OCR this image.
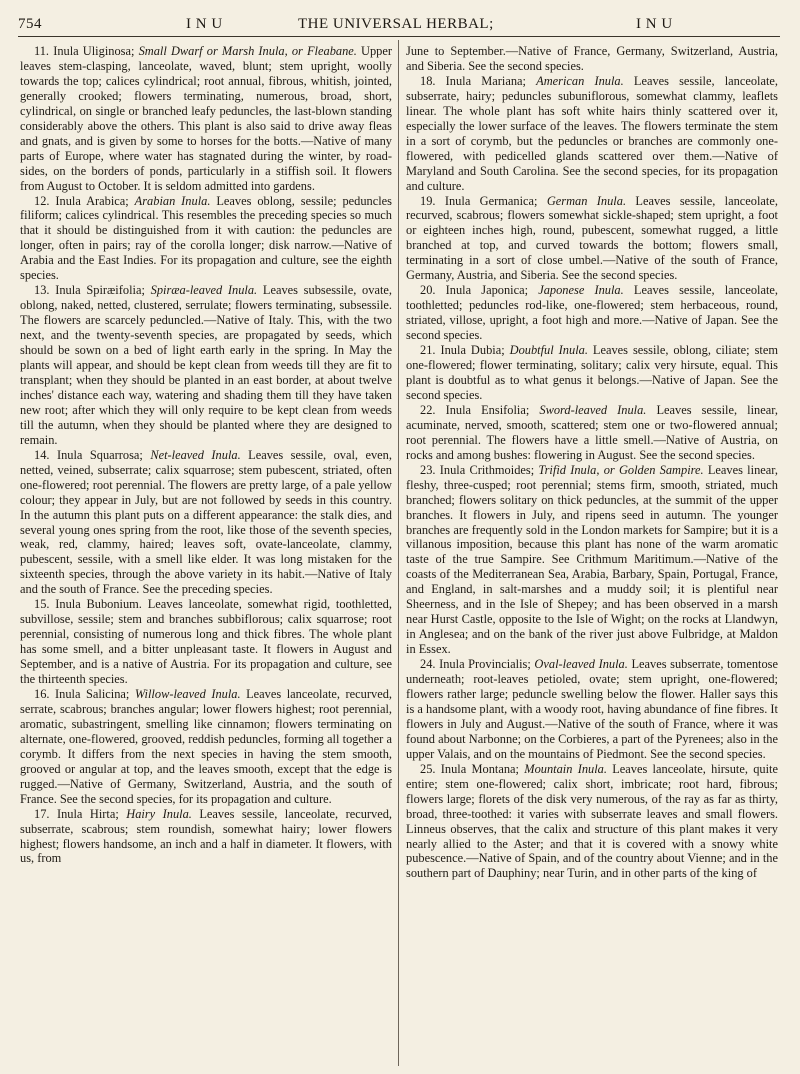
754	I N U	THE UNIVERSAL HERBAL;	I N U

11. Inula Uliginosa; Small Dwarf or Marsh Inula, or Fleabane. Upper leaves stem-clasping, lanceolate, waved, blunt; stem upright, woolly towards the top; calices cylindrical; root annual, fibrous, whitish, jointed, generally crooked; flowers terminating, numerous, broad, short, cylindrical, on single or branched leafy peduncles, the last-blown standing considerably above the others. This plant is also said to drive away fleas and gnats, and is given by some to horses for the botts.—Native of many parts of Europe, where water has stagnated during the winter, by road-sides, on the borders of ponds, particularly in a stiffish soil. It flowers from August to October. It is seldom admitted into gardens.

12. Inula Arabica; Arabian Inula. Leaves oblong, sessile; peduncles filiform; calices cylindrical. This resembles the preceding species so much that it should be distinguished from it with caution: the peduncles are longer, often in pairs; ray of the corolla longer; disk narrow.—Native of Arabia and the East Indies. For its propagation and culture, see the eighth species.

13. Inula Spiræifolia; Spiræa-leaved Inula. Leaves subsessile, ovate, oblong, naked, netted, clustered, serrulate; flowers terminating, subsessile. The flowers are scarcely peduncled.—Native of Italy. This, with the two next, and the twenty-seventh species, are propagated by seeds, which should be sown on a bed of light earth early in the spring. In May the plants will appear, and should be kept clean from weeds till they are fit to transplant; when they should be planted in an east border, at about twelve inches' distance each way, watering and shading them till they have taken new root; after which they will only require to be kept clean from weeds till the autumn, when they should be planted where they are designed to remain.

14. Inula Squarrosa; Net-leaved Inula. Leaves sessile, oval, even, netted, veined, subserrate; calix squarrose; stem pubescent, striated, often one-flowered; root perennial. The flowers are pretty large, of a pale yellow colour; they appear in July, but are not followed by seeds in this country. In the autumn this plant puts on a different appearance: the stalk dies, and several young ones spring from the root, like those of the seventh species, weak, red, clammy, haired; leaves soft, ovate-lanceolate, clammy, pubescent, sessile, with a smell like elder. It was long mistaken for the sixteenth species, through the above variety in its habit.—Native of Italy and the south of France. See the preceding species.

15. Inula Bubonium. Leaves lanceolate, somewhat rigid, toothletted, subvillose, sessile; stem and branches subbiflorous; calix squarrose; root perennial, consisting of numerous long and thick fibres. The whole plant has some smell, and a bitter unpleasant taste. It flowers in August and September, and is a native of Austria. For its propagation and culture, see the thirteenth species.

16. Inula Salicina; Willow-leaved Inula. Leaves lanceolate, recurved, serrate, scabrous; branches angular; lower flowers highest; root perennial, aromatic, subastringent, smelling like cinnamon; flowers terminating on alternate, one-flowered, grooved, reddish peduncles, forming all together a corymb. It differs from the next species in having the stem smooth, grooved or angular at top, and the leaves smooth, except that the edge is rugged.—Native of Germany, Switzerland, Austria, and the south of France. See the second species, for its propagation and culture.

17. Inula Hirta; Hairy Inula. Leaves sessile, lanceolate, recurved, subserrate, scabrous; stem roundish, somewhat hairy; lower flowers highest; flowers handsome, an inch and a half in diameter. It flowers, with us, from

June to September.—Native of France, Germany, Switzerland, Austria, and Siberia. See the second species.

18. Inula Mariana; American Inula. Leaves sessile, lanceolate, subserrate, hairy; peduncles subuniflorous, somewhat clammy, leaflets linear. The whole plant has soft white hairs thinly scattered over it, especially the lower surface of the leaves. The flowers terminate the stem in a sort of corymb, but the peduncles or branches are commonly one-flowered, with pedicelled glands scattered over them.—Native of Maryland and South Carolina. See the second species, for its propagation and culture.

19. Inula Germanica; German Inula. Leaves sessile, lanceolate, recurved, scabrous; flowers somewhat sickle-shaped; stem upright, a foot or eighteen inches high, round, pubescent, somewhat rugged, a little branched at top, and curved towards the bottom; flowers small, terminating in a sort of close umbel.—Native of the south of France, Germany, Austria, and Siberia. See the second species.

20. Inula Japonica; Japonese Inula. Leaves sessile, lanceolate, toothletted; peduncles rod-like, one-flowered; stem herbaceous, round, striated, villose, upright, a foot high and more.—Native of Japan. See the second species.

21. Inula Dubia; Doubtful Inula. Leaves sessile, oblong, ciliate; stem one-flowered; flower terminating, solitary; calix very hirsute, equal. This plant is doubtful as to what genus it belongs.—Native of Japan. See the second species.

22. Inula Ensifolia; Sword-leaved Inula. Leaves sessile, linear, acuminate, nerved, smooth, scattered; stem one or two-flowered annual; root perennial. The flowers have a little smell.—Native of Austria, on rocks and among bushes: flowering in August. See the second species.

23. Inula Crithmoides; Trifid Inula, or Golden Sampire. Leaves linear, fleshy, three-cusped; root perennial; stems firm, smooth, striated, much branched; flowers solitary on thick peduncles, at the summit of the upper branches. It flowers in July, and ripens seed in autumn. The younger branches are frequently sold in the London markets for Sampire; but it is a villanous imposition, because this plant has none of the warm aromatic taste of the true Sampire. See Crithmum Maritimum.—Native of the coasts of the Mediterranean Sea, Arabia, Barbary, Spain, Portugal, France, and England, in salt-marshes and a muddy soil; it is plentiful near Sheerness, and in the Isle of Shepey; and has been observed in a marsh near Hurst Castle, opposite to the Isle of Wight; on the rocks at Llandwyn, in Anglesea; and on the bank of the river just above Fulbridge, at Maldon in Essex.

24. Inula Provincialis; Oval-leaved Inula. Leaves subserrate, tomentose underneath; root-leaves petioled, ovate; stem upright, one-flowered; flowers rather large; peduncle swelling below the flower. Haller says this is a handsome plant, with a woody root, having abundance of fine fibres. It flowers in July and August.—Native of the south of France, where it was found about Narbonne; on the Corbieres, a part of the Pyrenees; also in the upper Valais, and on the mountains of Piedmont. See the second species.

25. Inula Montana; Mountain Inula. Leaves lanceolate, hirsute, quite entire; stem one-flowered; calix short, imbricate; root hard, fibrous; flowers large; florets of the disk very numerous, of the ray as far as thirty, broad, three-toothed: it varies with subserrate leaves and small flowers. Linneus observes, that the calix and structure of this plant makes it very nearly allied to the Aster; and that it is covered with a snowy white pubescence.—Native of Spain, and of the country about Vienne; and in the southern part of Dauphiny; near Turin, and in other parts of the king of
